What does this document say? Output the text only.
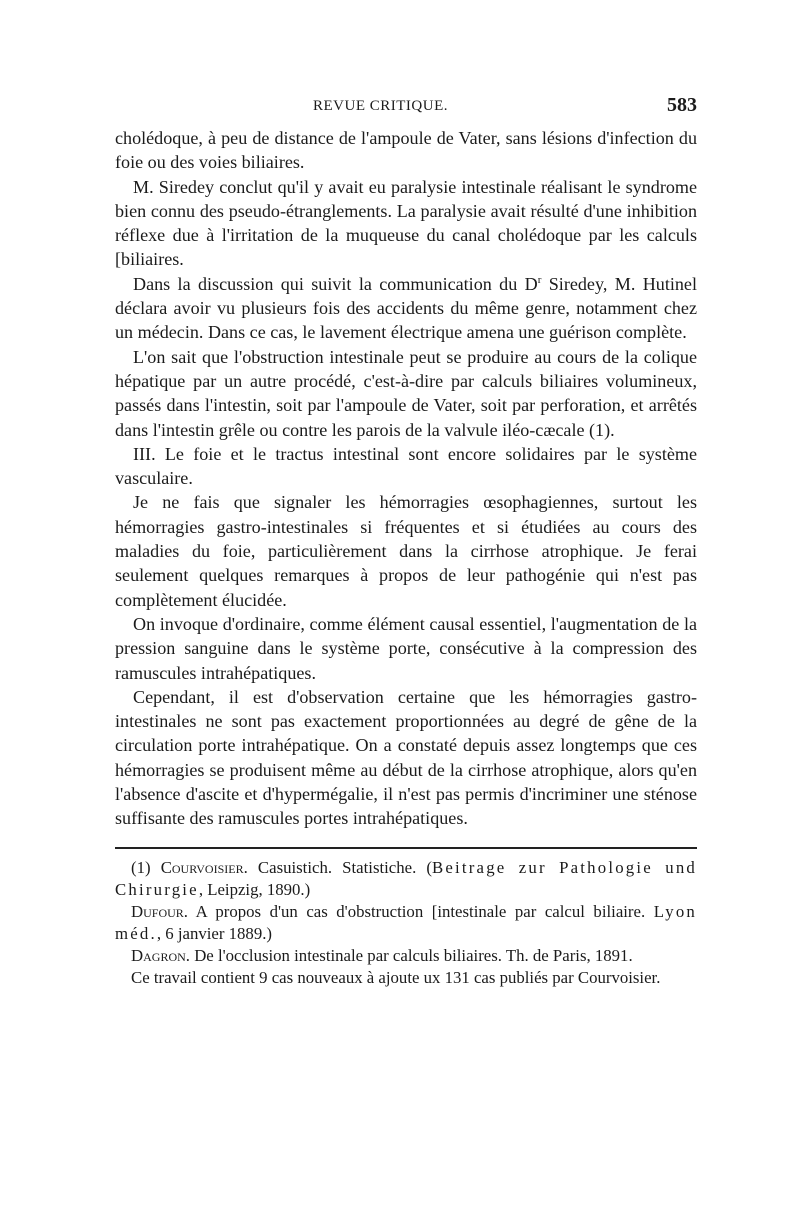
REVUE CRITIQUE.	583

cholédoque, à peu de distance de l'ampoule de Vater, sans lésions d'infection du foie ou des voies biliaires.

M. Siredey conclut qu'il y avait eu paralysie intestinale réalisant le syndrome bien connu des pseudo-étranglements. La paralysie avait résulté d'une inhibition réflexe due à l'irritation de la muqueuse du canal cholédoque par les calculs [biliaires.

Dans la discussion qui suivit la communication du $D^r$ Siredey, M. Hutinel déclara avoir vu plusieurs fois des accidents du même genre, notamment chez un médecin. Dans ce cas, le lavement électrique amena une guérison complète.

L'on sait que l'obstruction intestinale peut se produire au cours de la colique hépatique par un autre procédé, c'est-à-dire par calculs biliaires volumineux, passés dans l'intestin, soit par l'ampoule de Vater, soit par perforation, et arrêtés dans l'intestin grêle ou contre les parois de la valvule iléo-cæcale (1).

III. Le foie et le tractus intestinal sont encore solidaires par le système vasculaire.

Je ne fais que signaler les hémorragies œsophagiennes, surtout les hémorragies gastro-intestinales si fréquentes et si étudiées au cours des maladies du foie, particulièrement dans la cirrhose atrophique. Je ferai seulement quelques remarques à propos de leur pathogénie qui n'est pas complètement élucidée.

On invoque d'ordinaire, comme élément causal essentiel, l'augmentation de la pression sanguine dans le système porte, consécutive à la compression des ramuscules intrahépatiques.

Cependant, il est d'observation certaine que les hémorragies gastro-intestinales ne sont pas exactement proportionnées au degré de gêne de la circulation porte intrahépatique. On a constaté depuis assez longtemps que ces hémorragies se produisent même au début de la cirrhose atrophique, alors qu'en l'absence d'ascite et d'hypermégalie, il n'est pas permis d'incriminer une sténose suffisante des ramuscules portes intrahépatiques.

(1) Courvoisier. Casuistich. Statistiche. (Beitrage zur Pathologie und Chirurgie, Leipzig, 1890.)

Dufour. A propos d'un cas d'obstruction [intestinale par calcul biliaire. Lyon méd., 6 janvier 1889.)

Dagron. De l'occlusion intestinale par calculs biliaires. Th. de Paris, 1891.

Ce travail contient 9 cas nouveaux à ajoute ux 131 cas publiés par Courvoisier.
